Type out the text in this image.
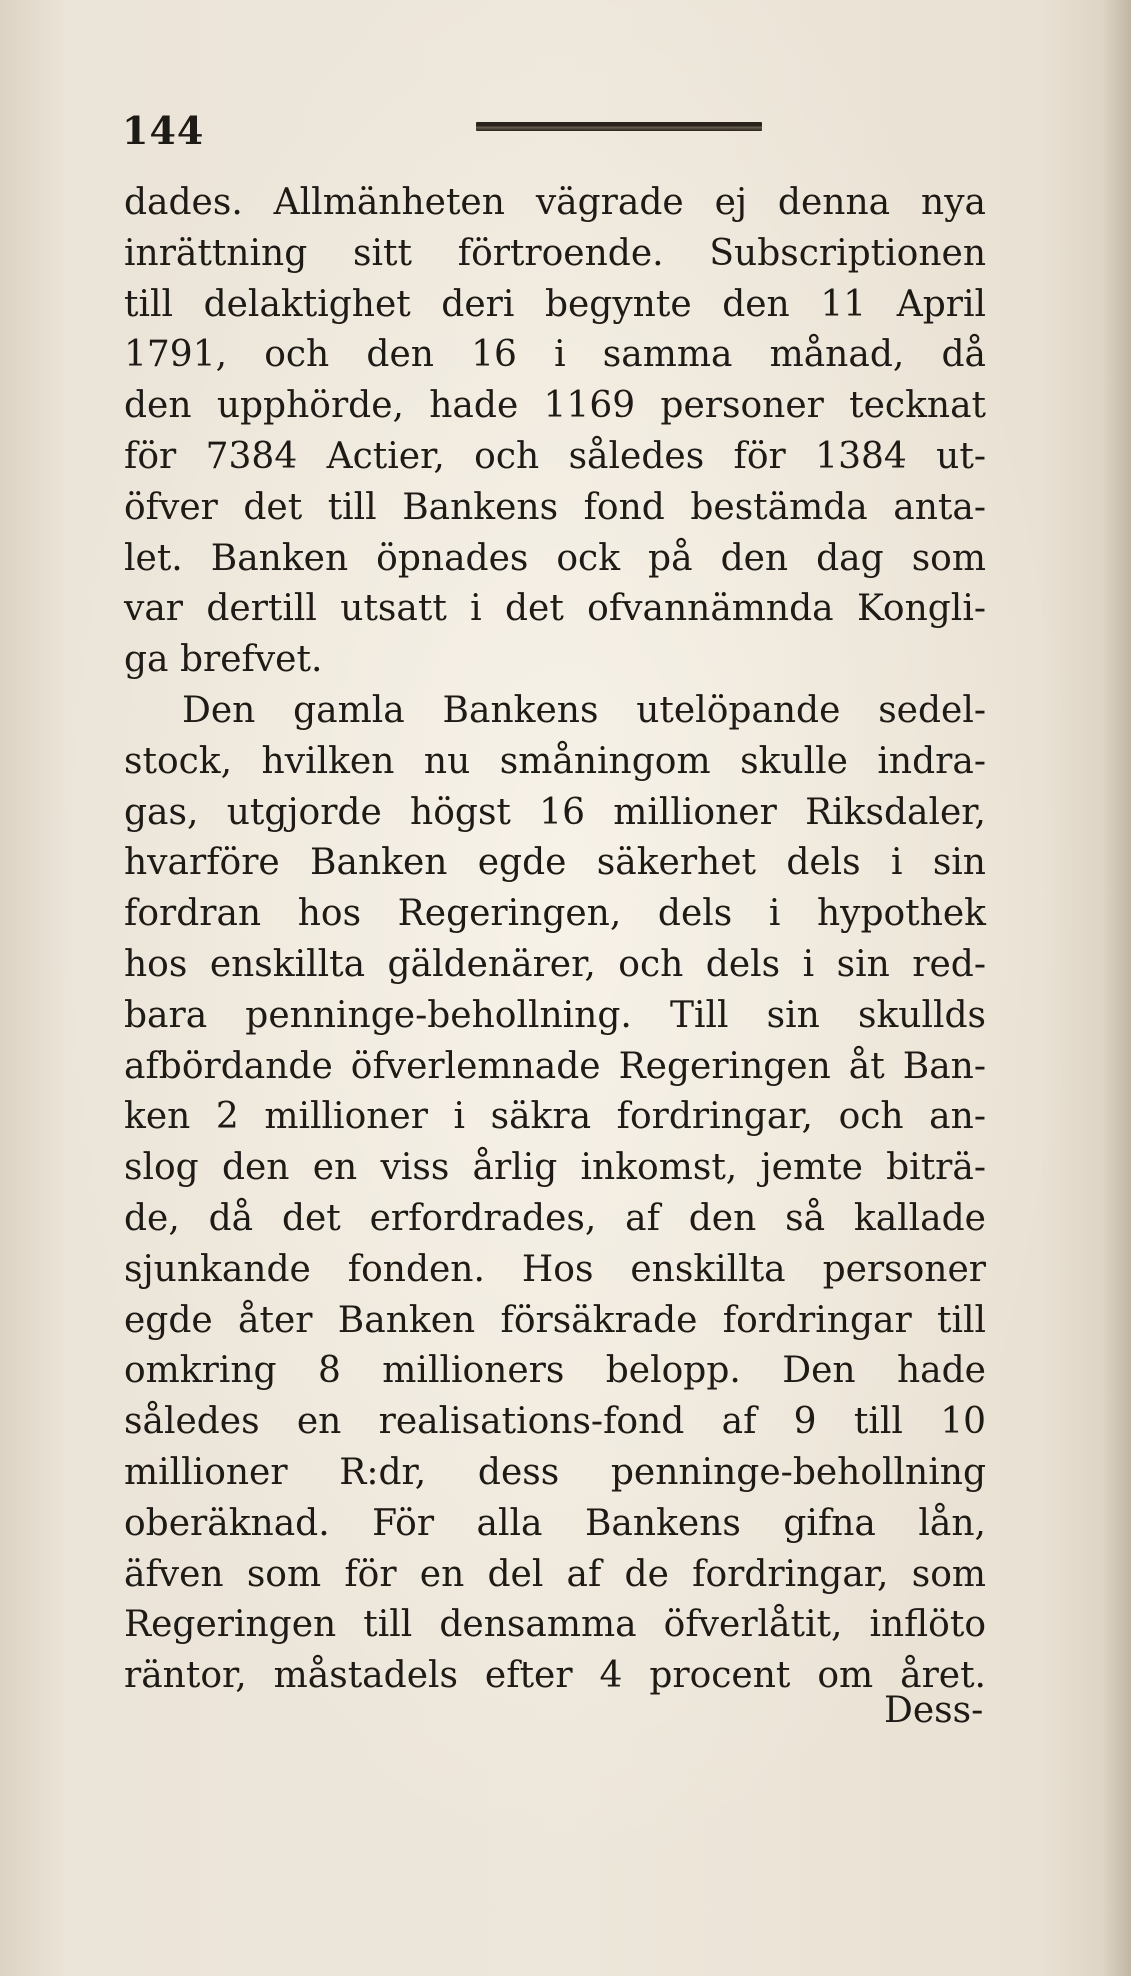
144
dades. Allmänheten vägrade ej denna nya
inrättning sitt förtroende. Subscriptionen
till delaktighet deri begynte den 11 April
1791, och den 16 i samma månad, då
den upphörde, hade 1169 personer tecknat
för 7384 Actier, och således för 1384 ut-
öfver det till Bankens fond bestämda anta-
let. Banken öpnades ock på den dag som
var dertill utsatt i det ofvannämnda Kongli-
ga brefvet.
Den gamla Bankens utelöpande sedel-
stock, hvilken nu småningom skulle indra-
gas, utgjorde högst 16 millioner Riksdaler,
hvarföre Banken egde säkerhet dels i sin
fordran hos Regeringen, dels i hypothek
hos enskillta gäldenärer, och dels i sin red-
bara penninge-behollning. Till sin skullds
afbördande öfverlemnade Regeringen åt Ban-
ken 2 millioner i säkra fordringar, och an-
slog den en viss årlig inkomst, jemte biträ-
de, då det erfordrades, af den så kallade
sjunkande fonden. Hos enskillta personer
egde åter Banken försäkrade fordringar till
omkring 8 millioners belopp. Den hade
således en realisations-fond af 9 till 10
millioner R:dr, dess penninge-behollning
oberäknad. För alla Bankens gifna lån,
äfven som för en del af de fordringar, som
Regeringen till densamma öfverlåtit, inflöto
räntor, måstadels efter 4 procent om året.
Dess-
